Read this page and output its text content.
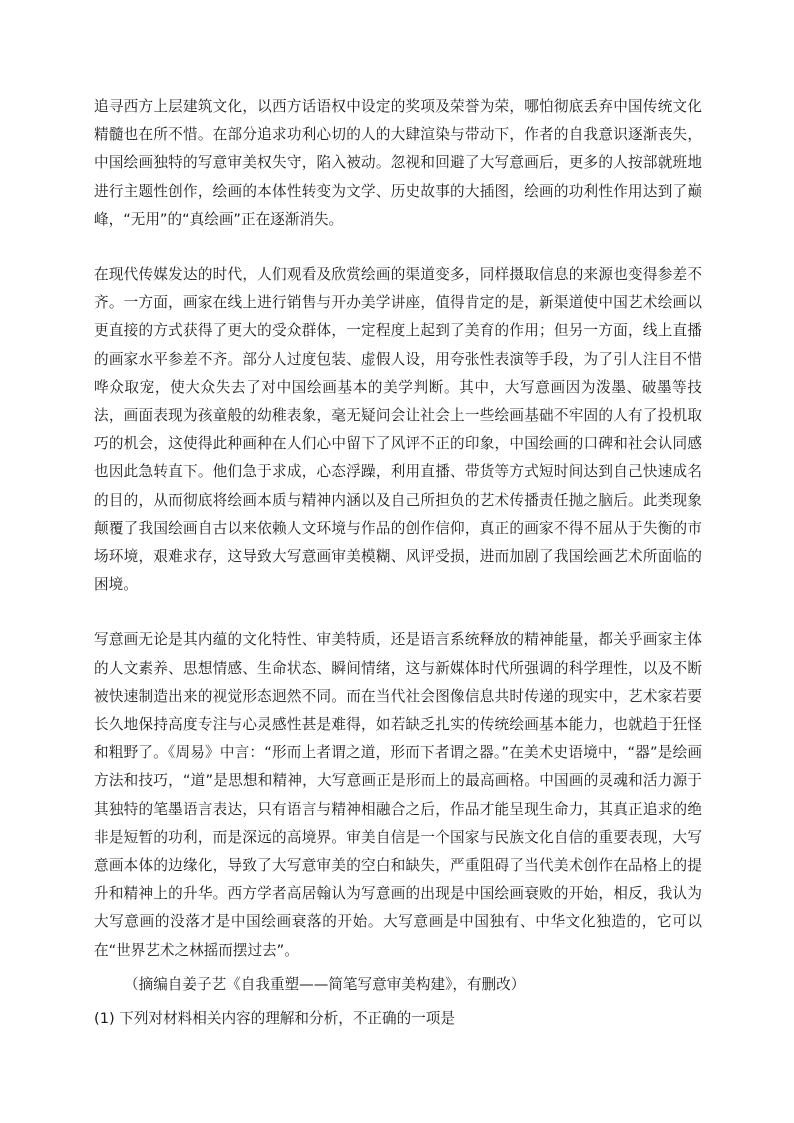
追寻西方上层建筑文化，以西方话语权中设定的奖项及荣誉为荣，哪怕彻底丢弃中国传统文化精髓也在所不惜。在部分追求功利心切的人的大肆渲染与带动下，作者的自我意识逐渐丧失，中国绘画独特的写意审美权失守，陷入被动。忽视和回避了大写意画后，更多的人按部就班地进行主题性创作，绘画的本体性转变为文学、历史故事的大插图，绘画的功利性作用达到了巅峰，“无用”的“真绘画”正在逐渐消失。

在现代传媒发达的时代，人们观看及欣赏绘画的渠道变多，同样摄取信息的来源也变得参差不齐。一方面，画家在线上进行销售与开办美学讲座，值得肯定的是，新渠道使中国艺术绘画以更直接的方式获得了更大的受众群体，一定程度上起到了美育的作用；但另一方面，线上直播的画家水平参差不齐。部分人过度包装、虚假人设，用夸张性表演等手段，为了引人注目不惜哗众取宠，使大众失去了对中国绘画基本的美学判断。其中，大写意画因为泼墨、破墨等技法，画面表现为孩童般的幼稚表象，毫无疑问会让社会上一些绘画基础不牢固的人有了投机取巧的机会，这使得此种画种在人们心中留下了风评不正的印象，中国绘画的口碑和社会认同感也因此急转直下。他们急于求成，心态浮躁，利用直播、带货等方式短时间达到自己快速成名的目的，从而彻底将绘画本质与精神内涵以及自己所担负的艺术传播责任抛之脑后。此类现象颠覆了我国绘画自古以来依赖人文环境与作品的创作信仰，真正的画家不得不屈从于失衡的市场环境，艰难求存，这导致大写意画审美模糊、风评受损，进而加剧了我国绘画艺术所面临的困境。

写意画无论是其内蕴的文化特性、审美特质，还是语言系统释放的精神能量，都关乎画家主体的人文素养、思想情感、生命状态、瞬间情绪，这与新媒体时代所强调的科学理性，以及不断被快速制造出来的视觉形态迥然不同。而在当代社会图像信息共时传递的现实中，艺术家若要长久地保持高度专注与心灵感性甚是难得，如若缺乏扎实的传统绘画基本能力，也就趋于狂怪和粗野了。《周易》中言：“形而上者谓之道，形而下者谓之器。”在美术史语境中，“器”是绘画方法和技巧，“道”是思想和精神，大写意画正是形而上的最高画格。中国画的灵魂和活力源于其独特的笔墨语言表达，只有语言与精神相融合之后，作品才能呈现生命力，其真正追求的绝非是短暂的功利，而是深远的高境界。审美自信是一个国家与民族文化自信的重要表现，大写意画本体的边缘化，导致了大写意审美的空白和缺失，严重阻碍了当代美术创作在品格上的提升和精神上的升华。西方学者高居翰认为写意画的出现是中国绘画衰败的开始，相反，我认为大写意画的没落才是中国绘画衰落的开始。大写意画是中国独有、中华文化独造的，它可以在“世界艺术之林摇而摆过去”。

（摘编自姜子艺《自我重塑——简笔写意审美构建》，有删改）

(1) 下列对材料相关内容的理解和分析，不正确的一项是
